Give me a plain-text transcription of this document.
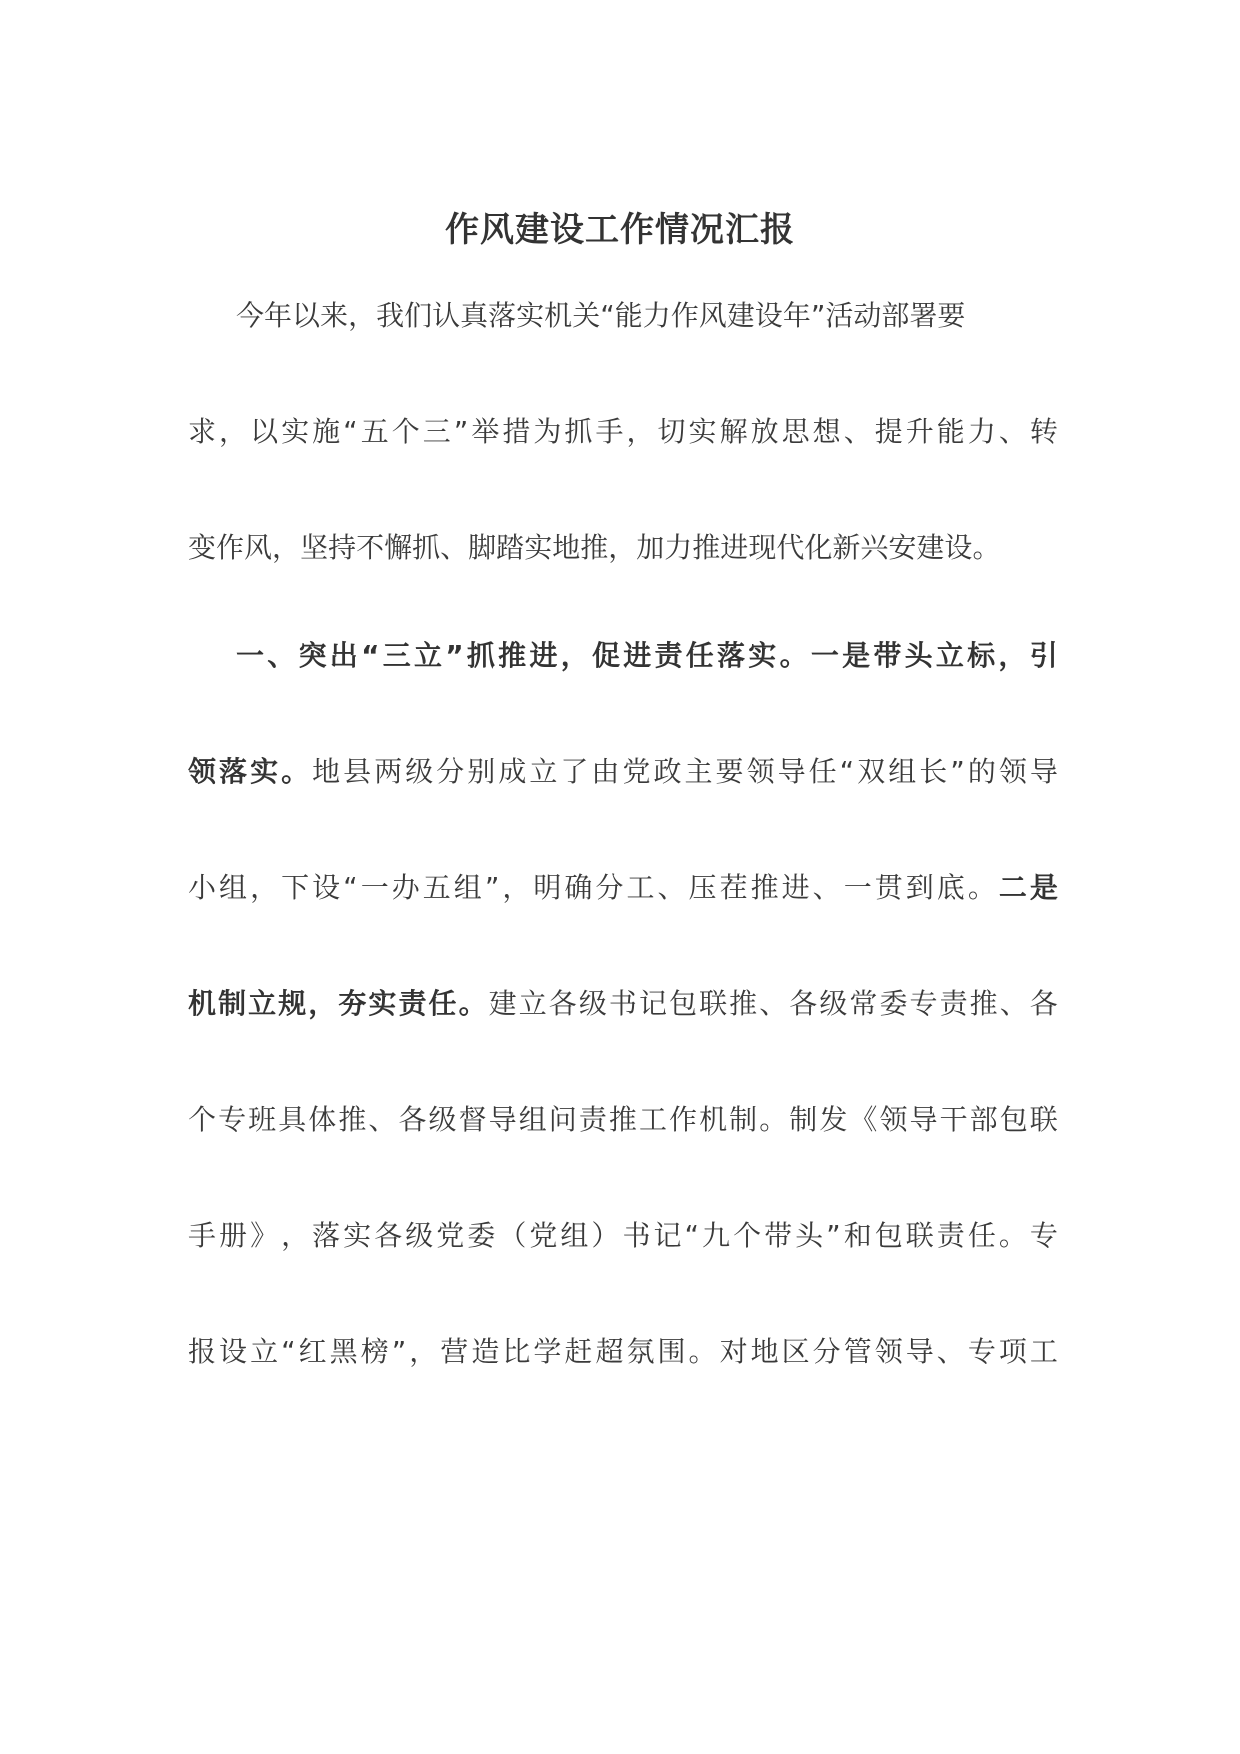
作风建设工作情况汇报
今 年 以 来 ， 我 们 认 真 落 实 机 关 “ 能 力 作 风 建 设 年 ” 活 动 部 署 要
求 ， 以 实 施 “ 五 个 三 ” 举 措 为 抓 手 ， 切 实 解 放 思 想 、 提 升 能 力 、 转
变 作 风 ， 坚 持 不 懈 抓 、 脚 踏 实 地 推 ， 加 力 推 进 现 代 化 新 兴 安 建 设 。
一 、 突 出 “ 三 立 ” 抓 推 进 ， 促 进 责 任 落 实 。 一 是 带 头 立 标 ， 引
领 落 实 。 地 县 两 级 分 别 成 立 了 由 党 政 主 要 领 导 任 “ 双 组 长 ” 的 领 导
小 组 ， 下 设 “ 一 办 五 组 ” ， 明 确 分 工 、 压 茬 推 进 、 一 贯 到 底 。 二 是
机 制 立 规 ， 夯 实 责 任 。 建 立 各 级 书 记 包 联 推 、 各 级 常 委 专 责 推 、 各
个 专 班 具 体 推 、 各 级 督 导 组 问 责 推 工 作 机 制 。 制 发 《 领 导 干 部 包 联
手 册 》 ， 落 实 各 级 党 委 （ 党 组 ） 书 记 “ 九 个 带 头 ” 和 包 联 责 任 。 专
报 设 立 “ 红 黑 榜 ” ， 营 造 比 学 赶 超 氛 围 。 对 地 区 分 管 领 导 、 专 项 工
